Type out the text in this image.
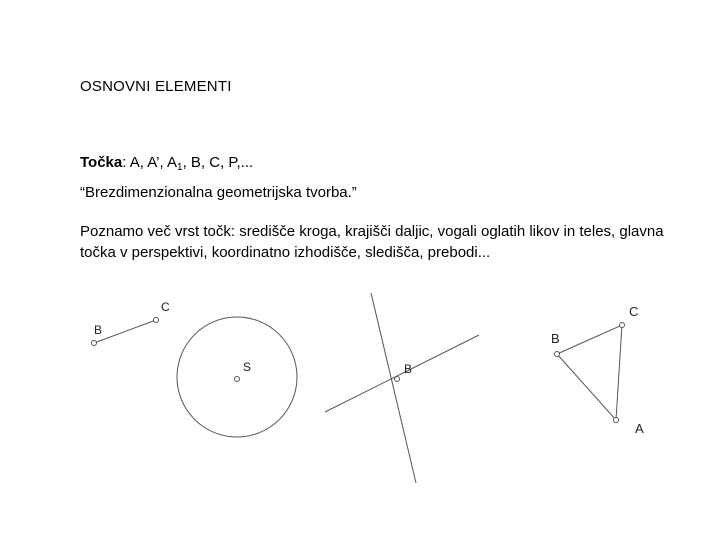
OSNOVNI ELEMENTI
Točka: A, A’, $A_1$, B, C, P,...
“Brezdimenzionalna geometrijska tvorba.”
Poznamo več vrst točk: središče kroga, krajišči daljic, vogali oglatih likov in teles, glavna točka v perspektivi, koordinatno izhodišče, sledišča, prebodi...
B
C
S	B
B
C
A
